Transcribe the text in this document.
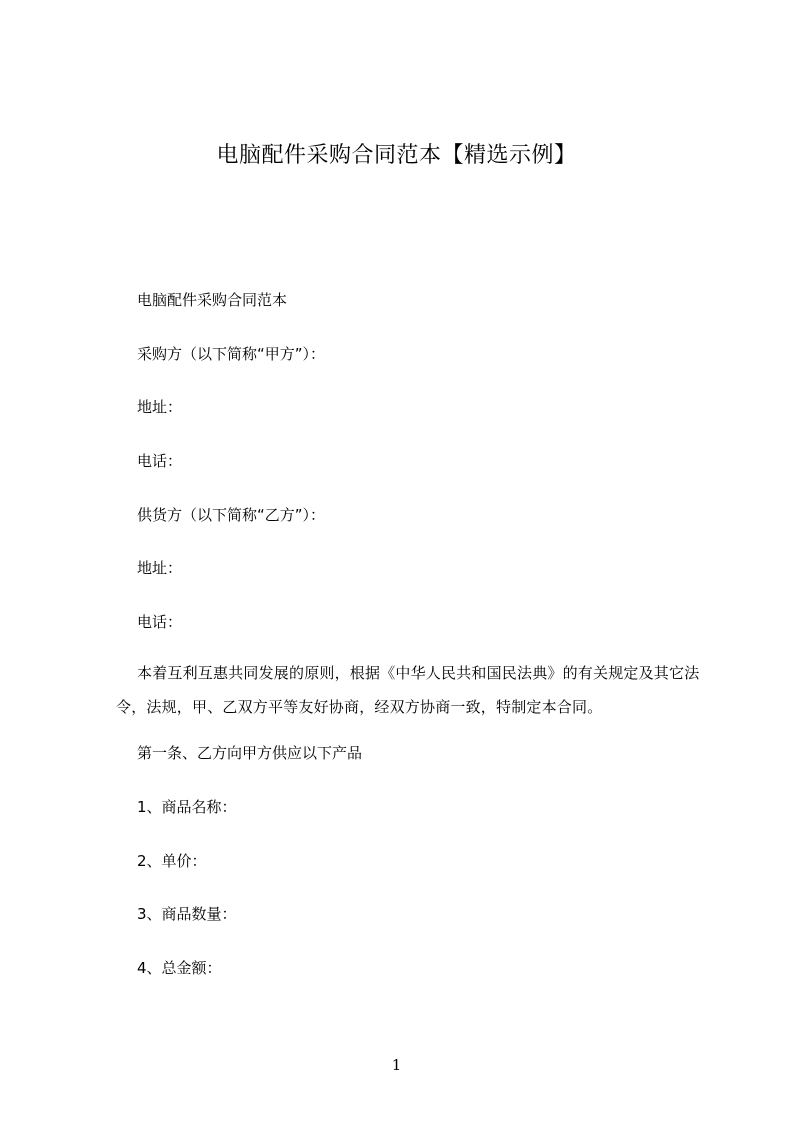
电脑配件采购合同范本【精选示例】
电脑配件采购合同范本
采购方（以下简称“甲方”）：
地址：
电话：
供货方（以下简称“乙方”）：
地址：
电话：
本着互利互惠共同发展的原则，根据《中华人民共和国民法典》的有关规定及其它法令，法规，甲、乙双方平等友好协商，经双方协商一致，特制定本合同。
第一条、乙方向甲方供应以下产品
1、商品名称：
2、单价：
3、商品数量：
4、总金额：
1
